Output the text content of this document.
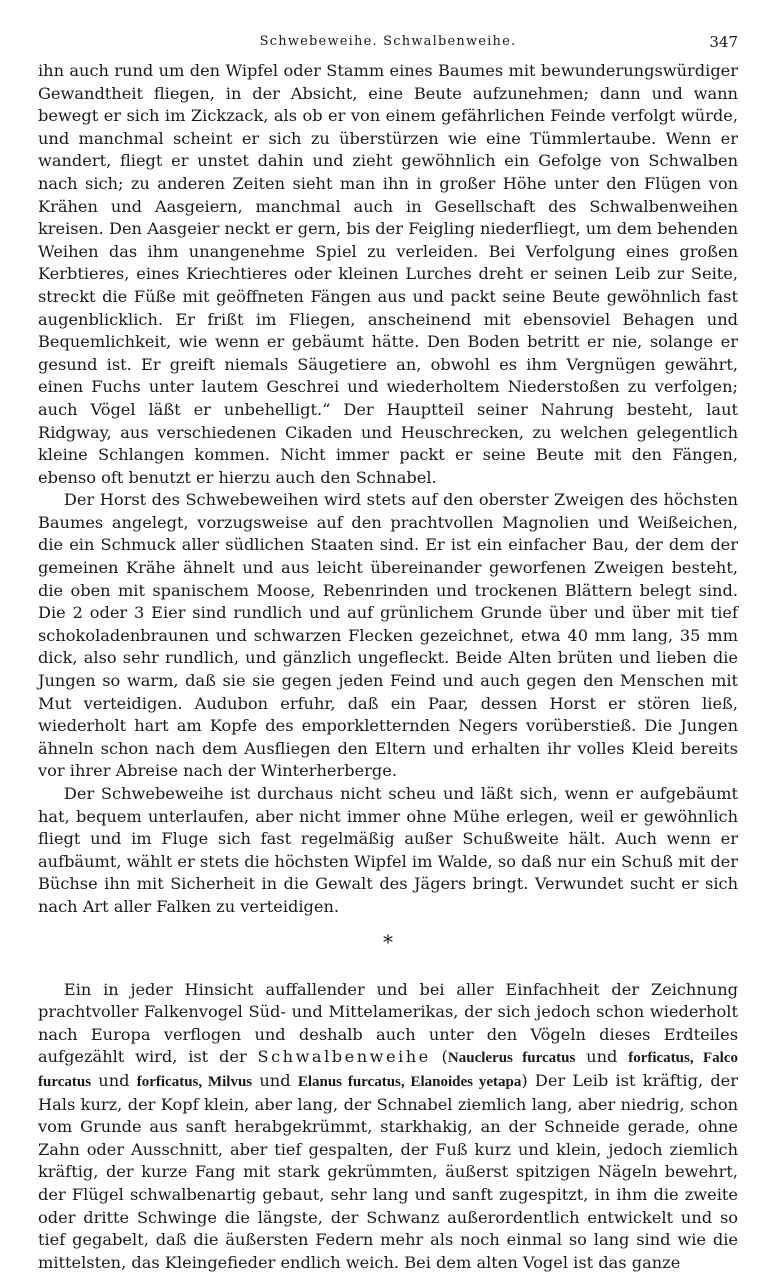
Schwebeweihe. Schwalbenweihe.	347

ihn auch rund um den Wipfel oder Stamm eines Baumes mit bewunderungswürdiger Gewandtheit fliegen, in der Absicht, eine Beute aufzunehmen; dann und wann bewegt er sich im Zickzack, als ob er von einem gefährlichen Feinde verfolgt würde, und manchmal scheint er sich zu überstürzen wie eine Tümmlertaube. Wenn er wandert, fliegt er unstet dahin und zieht gewöhnlich ein Gefolge von Schwalben nach sich; zu anderen Zeiten sieht man ihn in großer Höhe unter den Flügen von Krähen und Aasgeiern, manchmal auch in Gesellschaft des Schwalbenweihen kreisen. Den Aasgeier neckt er gern, bis der Feigling niederfliegt, um dem behenden Weihen das ihm unangenehme Spiel zu verleiden. Bei Verfolgung eines großen Kerbtieres, eines Kriechtieres oder kleinen Lurches dreht er seinen Leib zur Seite, streckt die Füße mit geöffneten Fängen aus und packt seine Beute gewöhnlich fast augenblicklich. Er frißt im Fliegen, anscheinend mit ebensoviel Behagen und Bequemlichkeit, wie wenn er gebäumt hätte. Den Boden betritt er nie, solange er gesund ist. Er greift niemals Säugetiere an, obwohl es ihm Vergnügen gewährt, einen Fuchs unter lautem Geschrei und wiederholtem Niederstoßen zu verfolgen; auch Vögel läßt er unbehelligt.“ Der Hauptteil seiner Nahrung besteht, laut Ridgway, aus verschiedenen Cikaden und Heuschrecken, zu welchen gelegentlich kleine Schlangen kommen. Nicht immer packt er seine Beute mit den Fängen, ebenso oft benutzt er hierzu auch den Schnabel.

Der Horst des Schwebeweihen wird stets auf den oberster Zweigen des höchsten Baumes angelegt, vorzugsweise auf den prachtvollen Magnolien und Weißeichen, die ein Schmuck aller südlichen Staaten sind. Er ist ein einfacher Bau, der dem der gemeinen Krähe ähnelt und aus leicht übereinander geworfenen Zweigen besteht, die oben mit spanischem Moose, Rebenrinden und trockenen Blättern belegt sind. Die 2 oder 3 Eier sind rundlich und auf grünlichem Grunde über und über mit tief schokoladenbraunen und schwarzen Flecken gezeichnet, etwa 40 mm lang, 35 mm dick, also sehr rundlich, und gänzlich ungefleckt. Beide Alten brüten und lieben die Jungen so warm, daß sie sie gegen jeden Feind und auch gegen den Menschen mit Mut verteidigen. Audubon erfuhr, daß ein Paar, dessen Horst er stören ließ, wiederholt hart am Kopfe des emporkletternden Negers vorüberstieß. Die Jungen ähneln schon nach dem Ausfliegen den Eltern und erhalten ihr volles Kleid bereits vor ihrer Abreise nach der Winterherberge.

Der Schwebeweihe ist durchaus nicht scheu und läßt sich, wenn er aufgebäumt hat, bequem unterlaufen, aber nicht immer ohne Mühe erlegen, weil er gewöhnlich fliegt und im Fluge sich fast regelmäßig außer Schußweite hält. Auch wenn er aufbäumt, wählt er stets die höchsten Wipfel im Walde, so daß nur ein Schuß mit der Büchse ihn mit Sicherheit in die Gewalt des Jägers bringt. Verwundet sucht er sich nach Art aller Falken zu verteidigen.

*

Ein in jeder Hinsicht auffallender und bei aller Einfachheit der Zeichnung prachtvoller Falkenvogel Süd- und Mittelamerikas, der sich jedoch schon wiederholt nach Europa verflogen und deshalb auch unter den Vögeln dieses Erdteiles aufgezählt wird, ist der Schwalbenweihe (Nauclerus furcatus und forficatus, Falco furcatus und forficatus, Milvus und Elanus furcatus, Elanoides yetapa) Der Leib ist kräftig, der Hals kurz, der Kopf klein, aber lang, der Schnabel ziemlich lang, aber niedrig, schon vom Grunde aus sanft herabgekrümmt, starkhakig, an der Schneide gerade, ohne Zahn oder Ausschnitt, aber tief gespalten, der Fuß kurz und klein, jedoch ziemlich kräftig, der kurze Fang mit stark gekrümmten, äußerst spitzigen Nägeln bewehrt, der Flügel schwalbenartig gebaut, sehr lang und sanft zugespitzt, in ihm die zweite oder dritte Schwinge die längste, der Schwanz außerordentlich entwickelt und so tief gegabelt, daß die äußersten Federn mehr als noch einmal so lang sind wie die mittelsten, das Kleingefieder endlich weich. Bei dem alten Vogel ist das ganze
